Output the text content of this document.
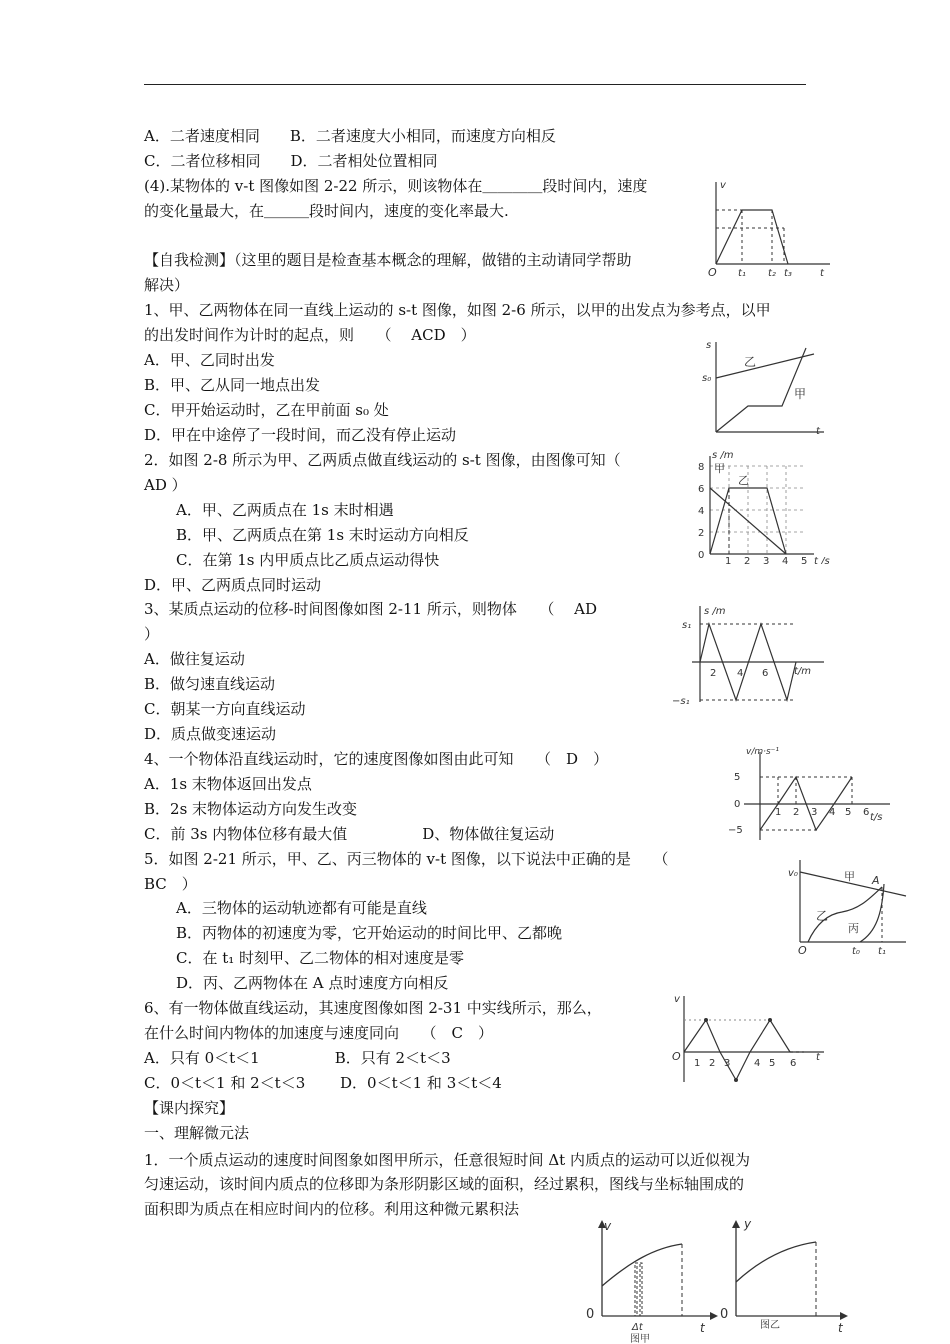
A．二者速度相同　　B．二者速度大小相同，而速度方向相反
C．二者位移相同　　D．二者相处位置相同
(4).某物体的 v-t 图像如图 2-22 所示，则该物体在＿＿＿＿段时间内，速度
的变化量最大，在＿＿＿段时间内，速度的变化率最大.
【自我检测】（这里的题目是检查基本概念的理解，做错的主动请同学帮助
解决）
1、甲、乙两物体在同一直线上运动的 s-t 图像，如图 2-6 所示，以甲的出发点为参考点，以甲
的出发时间作为计时的起点，则　　（　 ACD　）
A．甲、乙同时出发
B．甲、乙从同一地点出发
C．甲开始运动时，乙在甲前面 s₀ 处
D．甲在中途停了一段时间，而乙没有停止运动
2．如图 2-8 所示为甲、乙两质点做直线运动的 s-t 图像，由图像可知（
AD ）
A．甲、乙两质点在 1s 末时相遇
B．甲、乙两质点在第 1s 末时运动方向相反
C．在第 1s 内甲质点比乙质点运动得快
D．甲、乙两质点同时运动
3、某质点运动的位移-时间图像如图 2-11 所示，则物体　　（　 AD
）
A．做往复运动
B．做匀速直线运动
C．朝某一方向直线运动
D．质点做变速运动
4、一个物体沿直线运动时，它的速度图像如图由此可知　　（　D　）
A．1s 末物体返回出发点
B．2s 末物体运动方向发生改变
C．前 3s 内物体位移有最大值　　　　　D、物体做往复运动
5．如图 2-21 所示，甲、乙、丙三物体的 v-t 图像，以下说法中正确的是　　（
BC　）
A．三物体的运动轨迹都有可能是直线
B．丙物体的初速度为零，它开始运动的时间比甲、乙都晚
C．在 t₁ 时刻甲、乙二物体的相对速度是零
D．丙、乙两物体在 A 点时速度方向相反
6、有一物体做直线运动，其速度图像如图 2-31 中实线所示，那么，
在什么时间内物体的加速度与速度同向　　（　C　）
A．只有 0＜t＜1　　　　　B．只有 2＜t＜3
C．0＜t＜1 和 2＜t＜3　　 D．0＜t＜1 和 3＜t＜4
【课内探究】
一、理解微元法
1．一个质点运动的速度时间图象如图甲所示，任意很短时间 Δt 内质点的运动可以近似视为
匀速运动，该时间内质点的位移即为条形阴影区域的面积，经过累积，图线与坐标轴围成的
面积即为质点在相应时间内的位移。利用这种微元累积法
v
O t₁ t₂ t₃	t
s
s₀
乙
甲
t
s /m
甲
乙
0
2
4
6
8
1 2 3 4 5 t /s
s /m
s₁
−s₁
2 4 6	t/m
v/m·s⁻¹
5
0
−5
1 2 3 4 5 6 t/s
v₀	甲
乙
丙
A
O	t₀ t₁
v
O
1 2 3 4 5 6
t
v
0
Δt	t
图甲
y
0
t
图乙
